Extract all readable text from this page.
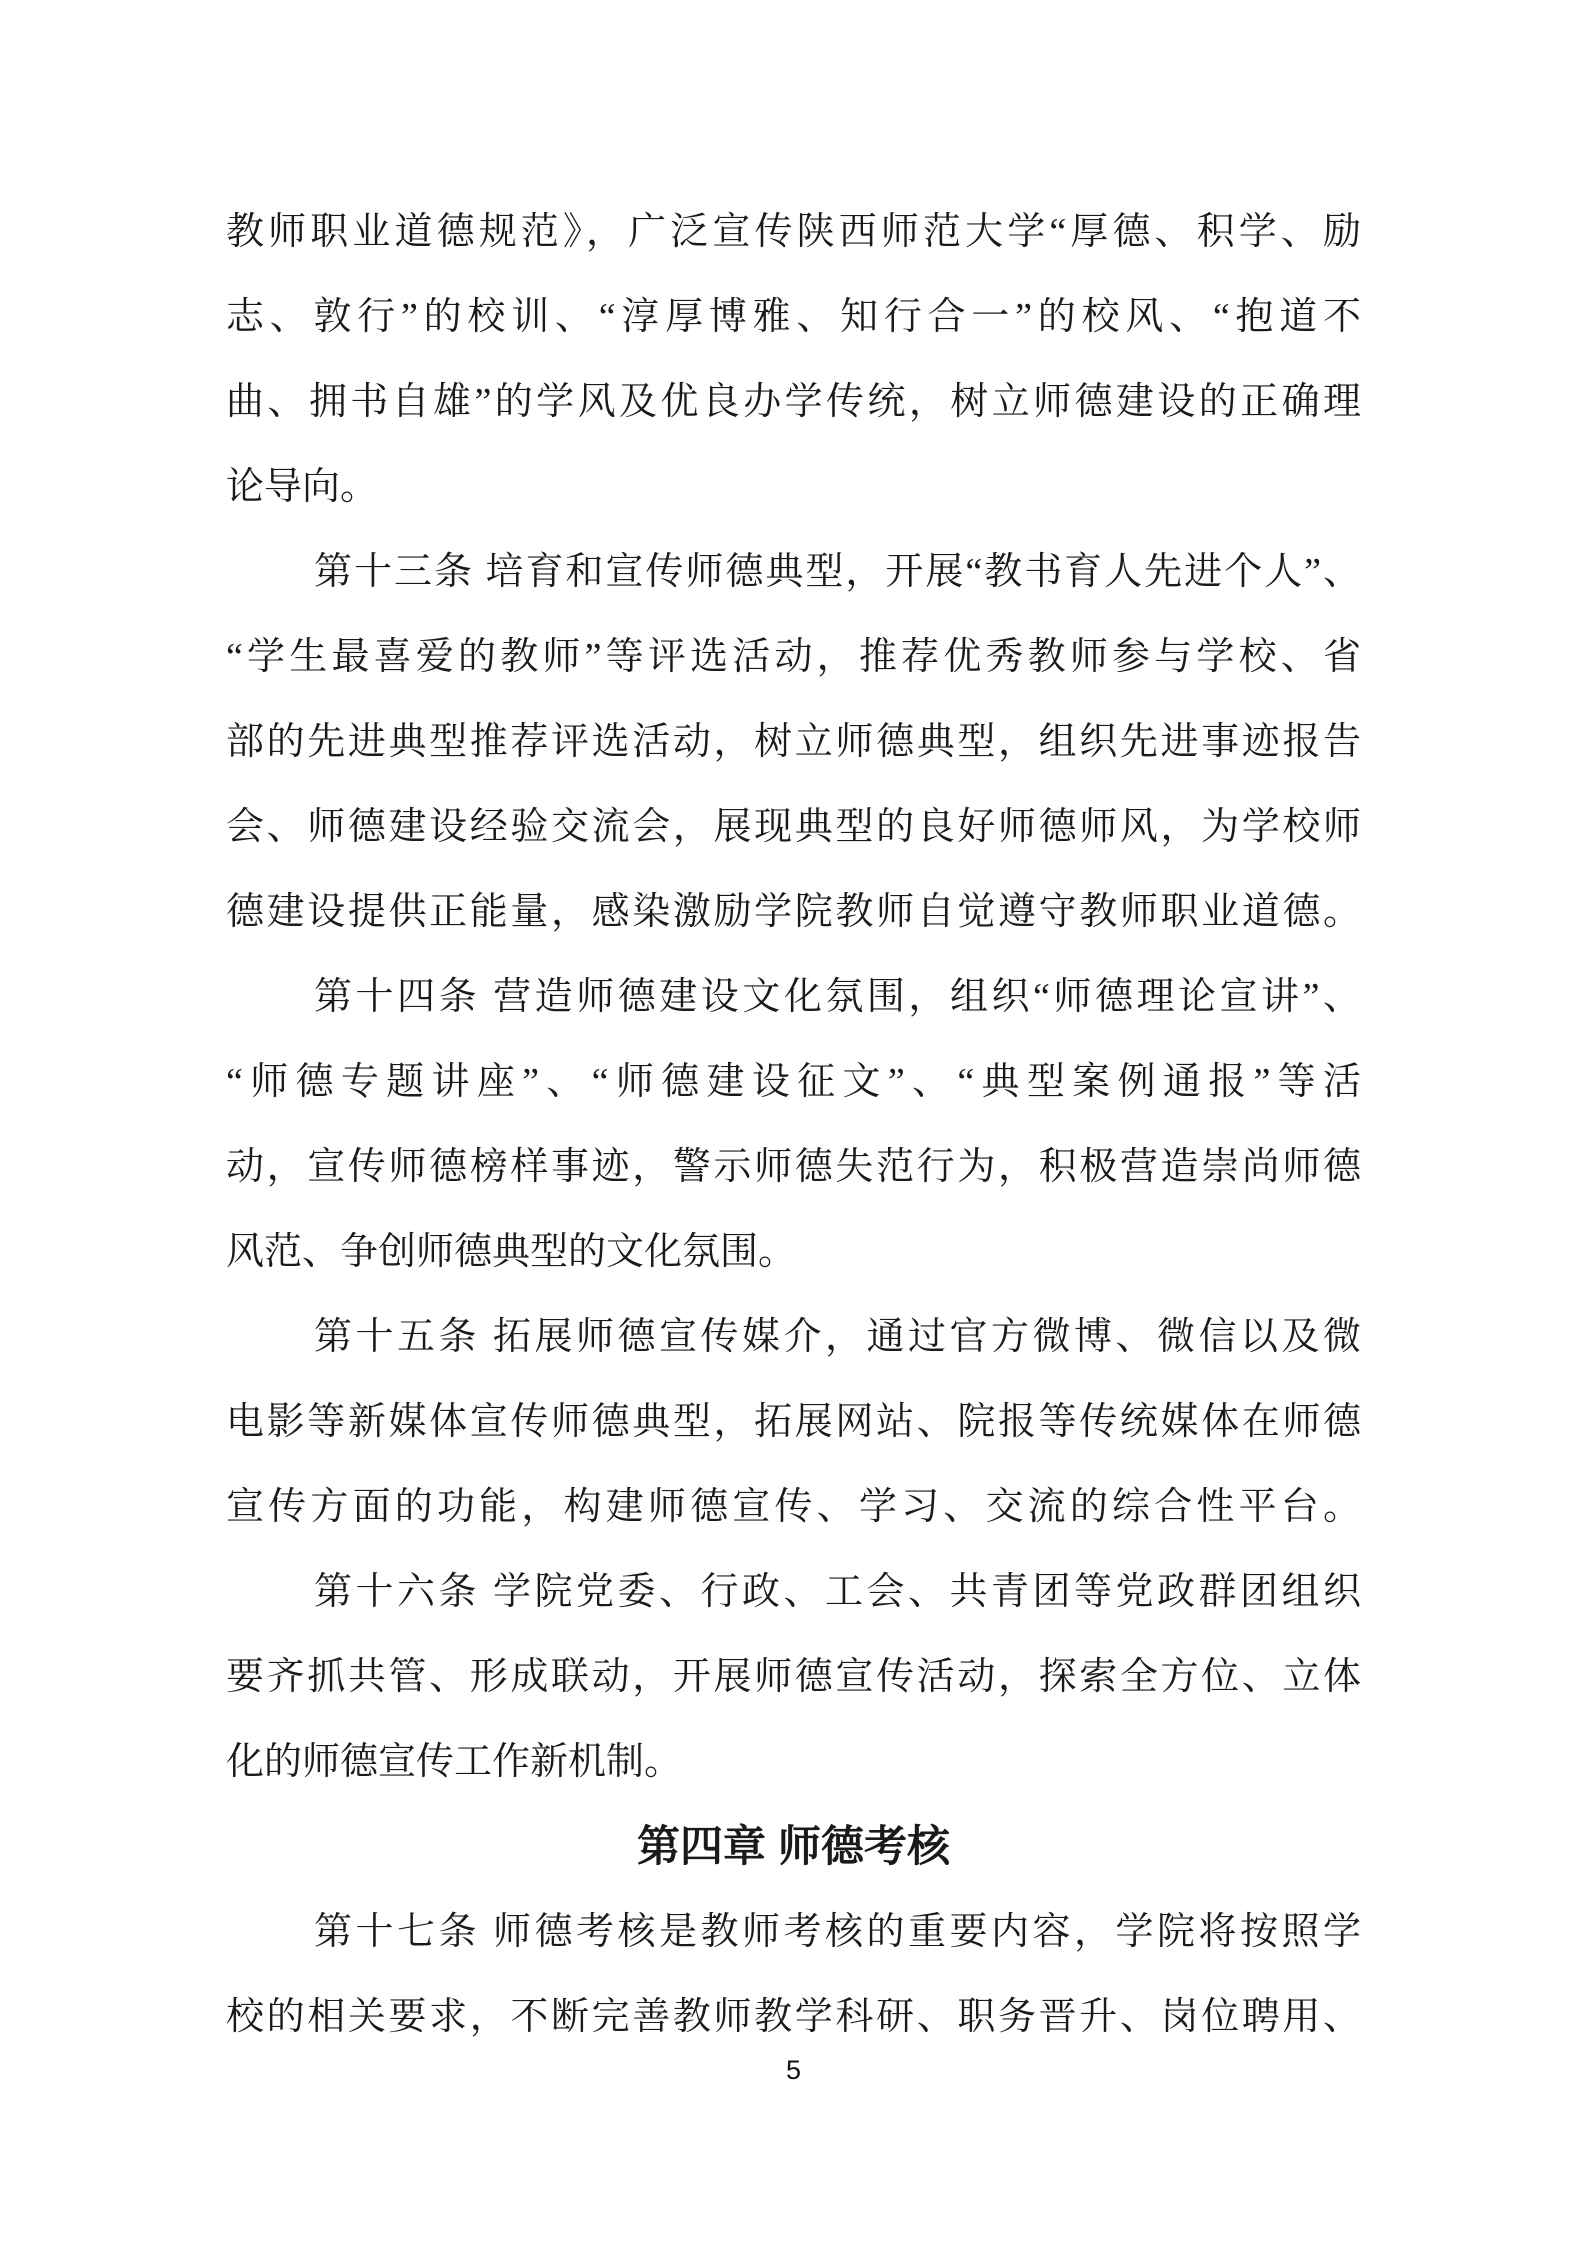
教师职业道德规范》，广泛宣传陕西师范大学“厚德、积学、励
志、敦行”的校训、“淳厚博雅、知行合一”的校风、“抱道不
曲、拥书自雄”的学风及优良办学传统，树立师德建设的正确理
论导向。
第十三条 培育和宣传师德典型，开展“教书育人先进个人”、
“学生最喜爱的教师”等评选活动，推荐优秀教师参与学校、省
部的先进典型推荐评选活动，树立师德典型，组织先进事迹报告
会、师德建设经验交流会，展现典型的良好师德师风，为学校师
德建设提供正能量，感染激励学院教师自觉遵守教师职业道德。
第十四条 营造师德建设文化氛围，组织“师德理论宣讲”、
“师德专题讲座”、“师德建设征文”、“典型案例通报”等活
动，宣传师德榜样事迹，警示师德失范行为，积极营造崇尚师德
风范、争创师德典型的文化氛围。
第十五条 拓展师德宣传媒介，通过官方微博、微信以及微
电影等新媒体宣传师德典型，拓展网站、院报等传统媒体在师德
宣传方面的功能，构建师德宣传、学习、交流的综合性平台。
第十六条 学院党委、行政、工会、共青团等党政群团组织
要齐抓共管、形成联动，开展师德宣传活动，探索全方位、立体
化的师德宣传工作新机制。
第四章 师德考核
第十七条 师德考核是教师考核的重要内容，学院将按照学
校的相关要求，不断完善教师教学科研、职务晋升、岗位聘用、
5
